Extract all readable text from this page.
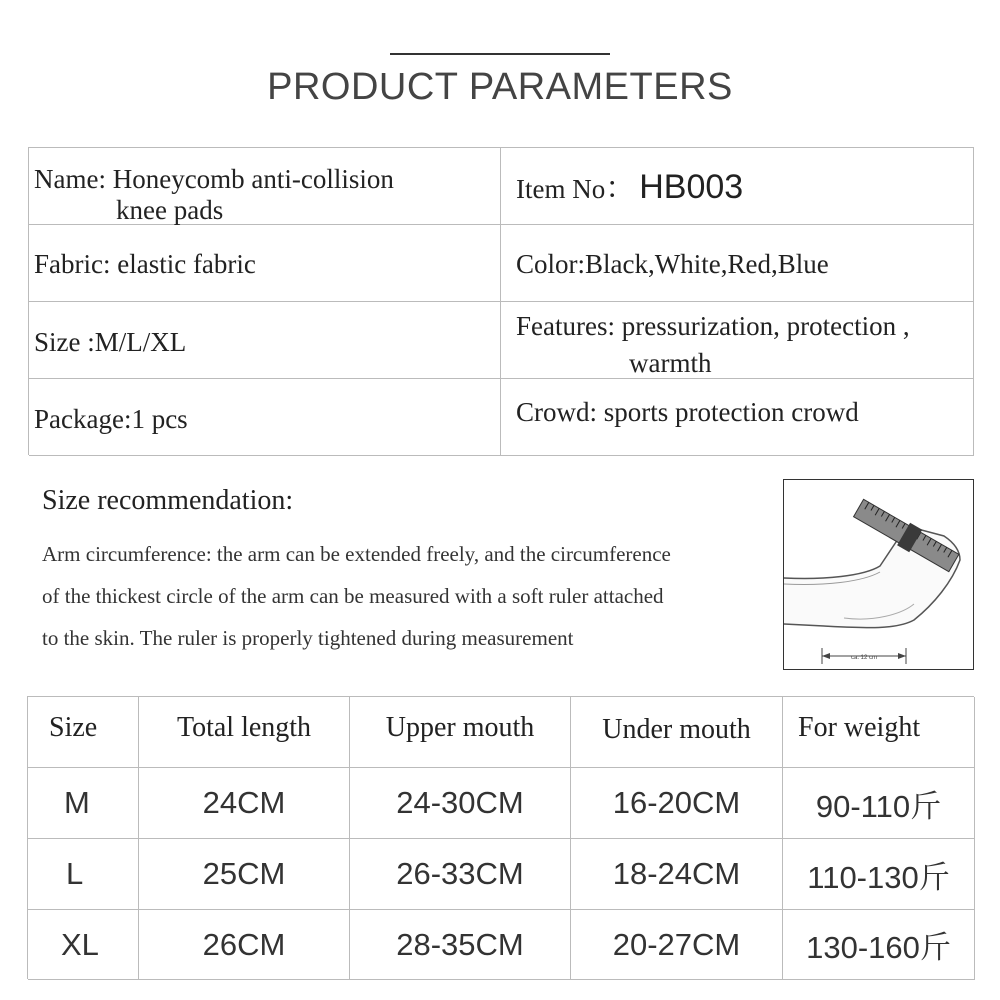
PRODUCT PARAMETERS
Name: Honeycomb anti-collision
knee pads
Item No： HB003
Fabric: elastic fabric	Color:Black,White,Red,Blue
Size :M/L/XL
Features: pressurization, protection ,
warmth
Package:1 pcs	Crowd: sports protection crowd
Size recommendation:
Arm circumference: the arm can be extended freely, and the circumference
of the thickest circle of the arm can be measured with a soft ruler attached
to the skin. The ruler is properly tightened during measurement
ca. 12 cm
Size	Total length	Upper mouth Under mouth For weight
M	24CM	24-30CM	16-20CM 90-110斤
L	25CM	26-33CM	18-24CM 110-130斤
XL	26CM	28-35CM	20-27CM 130-160斤
